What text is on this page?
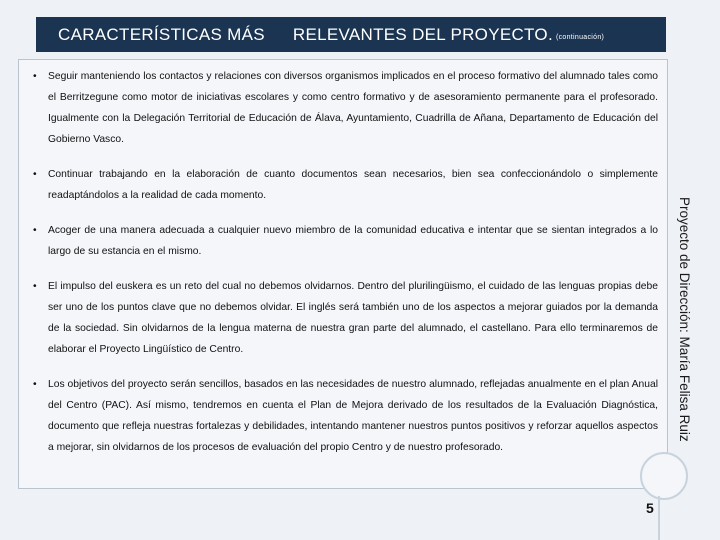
CARACTERÍSTICAS MÁS RELEVANTES DEL PROYECTO. (continuación)
• Seguir manteniendo los contactos y relaciones con diversos organismos implicados en el proceso formativo del alumnado tales como el Berritzegune como motor de iniciativas escolares y como centro formativo y de asesoramiento permanente para el profesorado. Igualmente con la Delegación Territorial de Educación de Álava, Ayuntamiento, Cuadrilla de Añana, Departamento de Educación del Gobierno Vasco.
• Continuar trabajando en la elaboración de cuanto documentos sean necesarios, bien sea confeccionándolo o simplemente readaptándolos a la realidad de cada momento.
• Acoger de una manera adecuada a cualquier nuevo miembro de la comunidad educativa e intentar que se sientan integrados a lo largo de su estancia en el mismo.
• El impulso del euskera es un reto del cual no debemos olvidarnos. Dentro del plurilingüismo, el cuidado de las lenguas propias debe ser uno de los puntos clave que no debemos olvidar. El inglés será también uno de los aspectos a mejorar guiados por la demanda de la sociedad. Sin olvidarnos de la lengua materna de nuestra gran parte del alumnado, el castellano. Para ello terminaremos de elaborar el Proyecto Lingüístico de Centro.
• Los objetivos del proyecto serán sencillos, basados en las necesidades de nuestro alumnado, reflejadas anualmente en el plan Anual del Centro (PAC). Así mismo, tendremos en cuenta el Plan de Mejora derivado de los resultados de la Evaluación Diagnóstica, documento que refleja nuestras fortalezas y debilidades, intentando mantener nuestros puntos positivos y reforzar aquellos aspectos a mejorar, sin olvidarnos de los procesos de evaluación del propio Centro y de nuestro profesorado.
Proyecto de Dirección: María Felisa Ruiz
5
